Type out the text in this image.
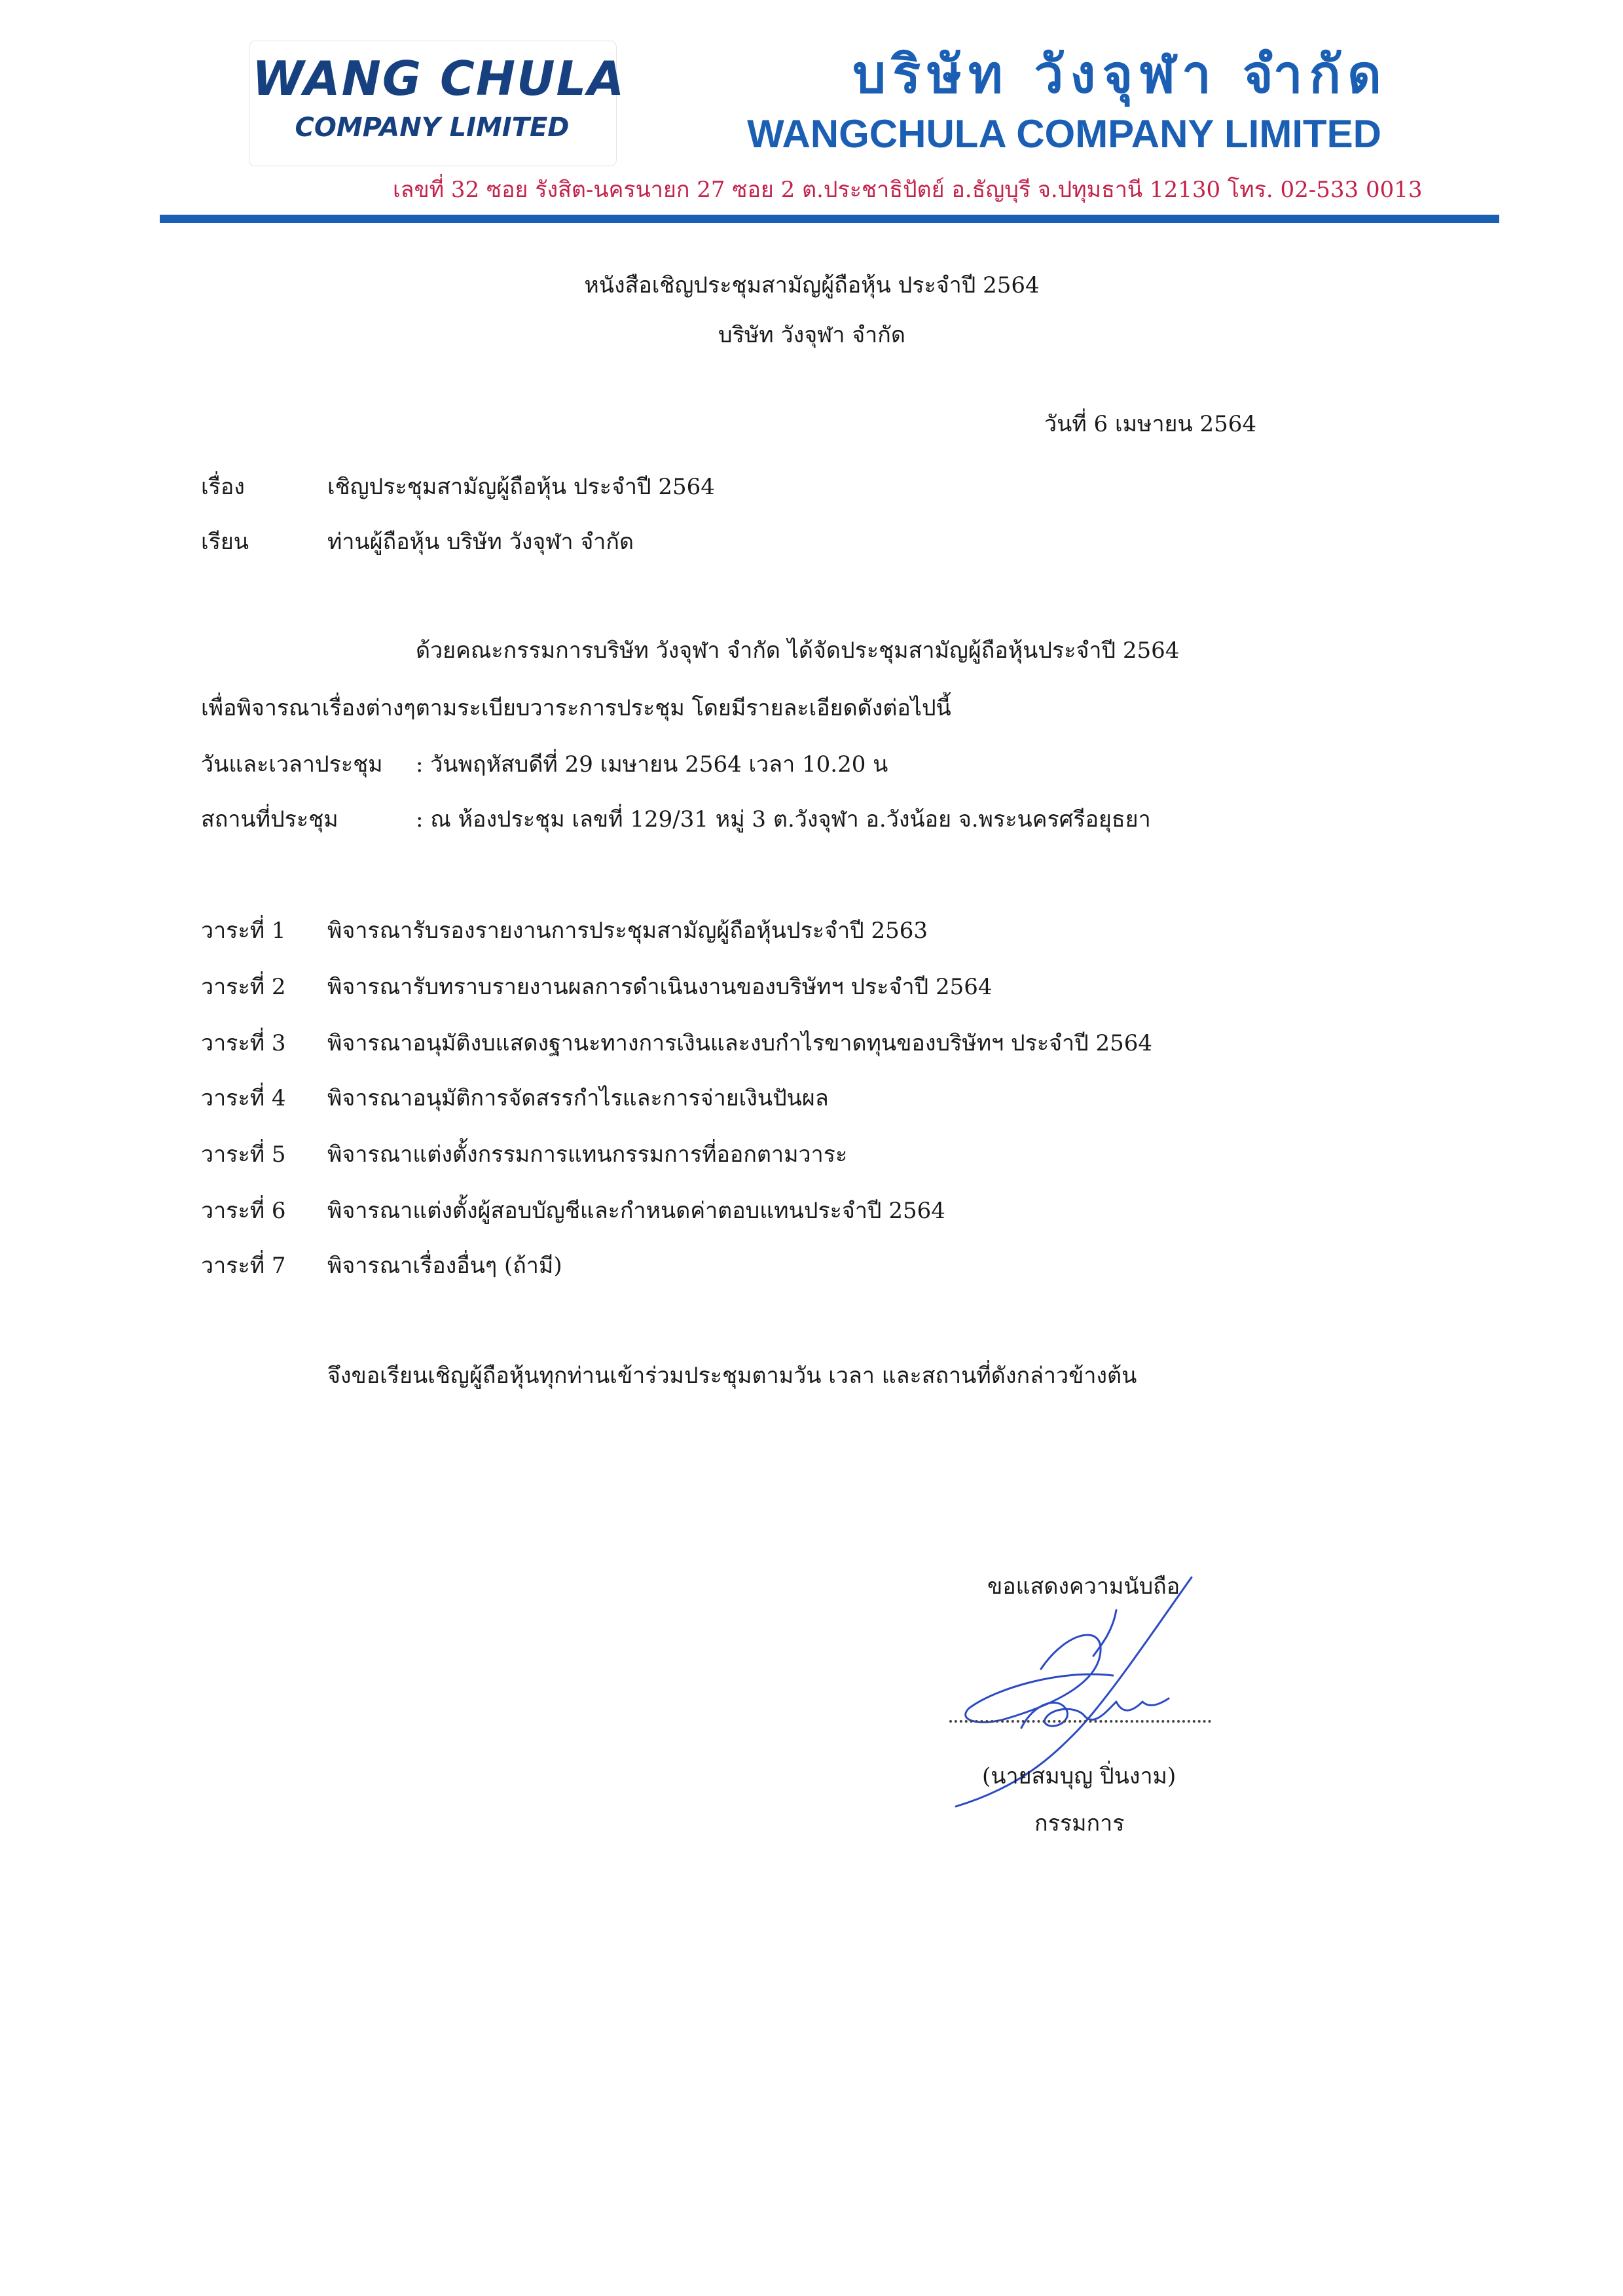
WANG CHULA
COMPANY LIMITED
บริษัท วังจุฬา จำกัด
WANGCHULA COMPANY LIMITED
เลขที่ 32 ซอย รังสิต-นครนายก 27 ซอย 2 ต.ประชาธิปัตย์ อ.ธัญบุรี จ.ปทุมธานี 12130 โทร. 02-533 0013
หนังสือเชิญประชุมสามัญผู้ถือหุ้น ประจำปี 2564
บริษัท วังจุฬา จำกัด
วันที่ 6 เมษายน 2564
เรื่อง	เชิญประชุมสามัญผู้ถือหุ้น ประจำปี 2564
เรียน	ท่านผู้ถือหุ้น บริษัท วังจุฬา จำกัด
ด้วยคณะกรรมการบริษัท วังจุฬา จำกัด ได้จัดประชุมสามัญผู้ถือหุ้นประจำปี 2564
เพื่อพิจารณาเรื่องต่างๆตามระเบียบวาระการประชุม โดยมีรายละเอียดดังต่อไปนี้
วันและเวลาประชุม : วันพฤหัสบดีที่ 29 เมษายน 2564 เวลา 10.20 น
สถานที่ประชุม	: ณ ห้องประชุม เลขที่ 129/31 หมู่ 3 ต.วังจุฬา อ.วังน้อย จ.พระนครศรีอยุธยา
วาระที่ 1 พิจารณารับรองรายงานการประชุมสามัญผู้ถือหุ้นประจำปี 2563
วาระที่ 2 พิจารณารับทราบรายงานผลการดำเนินงานของบริษัทฯ ประจำปี 2564
วาระที่ 3 พิจารณาอนุมัติงบแสดงฐานะทางการเงินและงบกำไรขาดทุนของบริษัทฯ ประจำปี 2564
วาระที่ 4 พิจารณาอนุมัติการจัดสรรกำไรและการจ่ายเงินปันผล
วาระที่ 5 พิจารณาแต่งตั้งกรรมการแทนกรรมการที่ออกตามวาระ
วาระที่ 6 พิจารณาแต่งตั้งผู้สอบบัญชีและกำหนดค่าตอบแทนประจำปี 2564
วาระที่ 7 พิจารณาเรื่องอื่นๆ (ถ้ามี)
จึงขอเรียนเชิญผู้ถือหุ้นทุกท่านเข้าร่วมประชุมตามวัน เวลา และสถานที่ดังกล่าวข้างต้น
ขอแสดงความนับถือ
(นายสมบุญ ปิ่นงาม)
กรรมการ
